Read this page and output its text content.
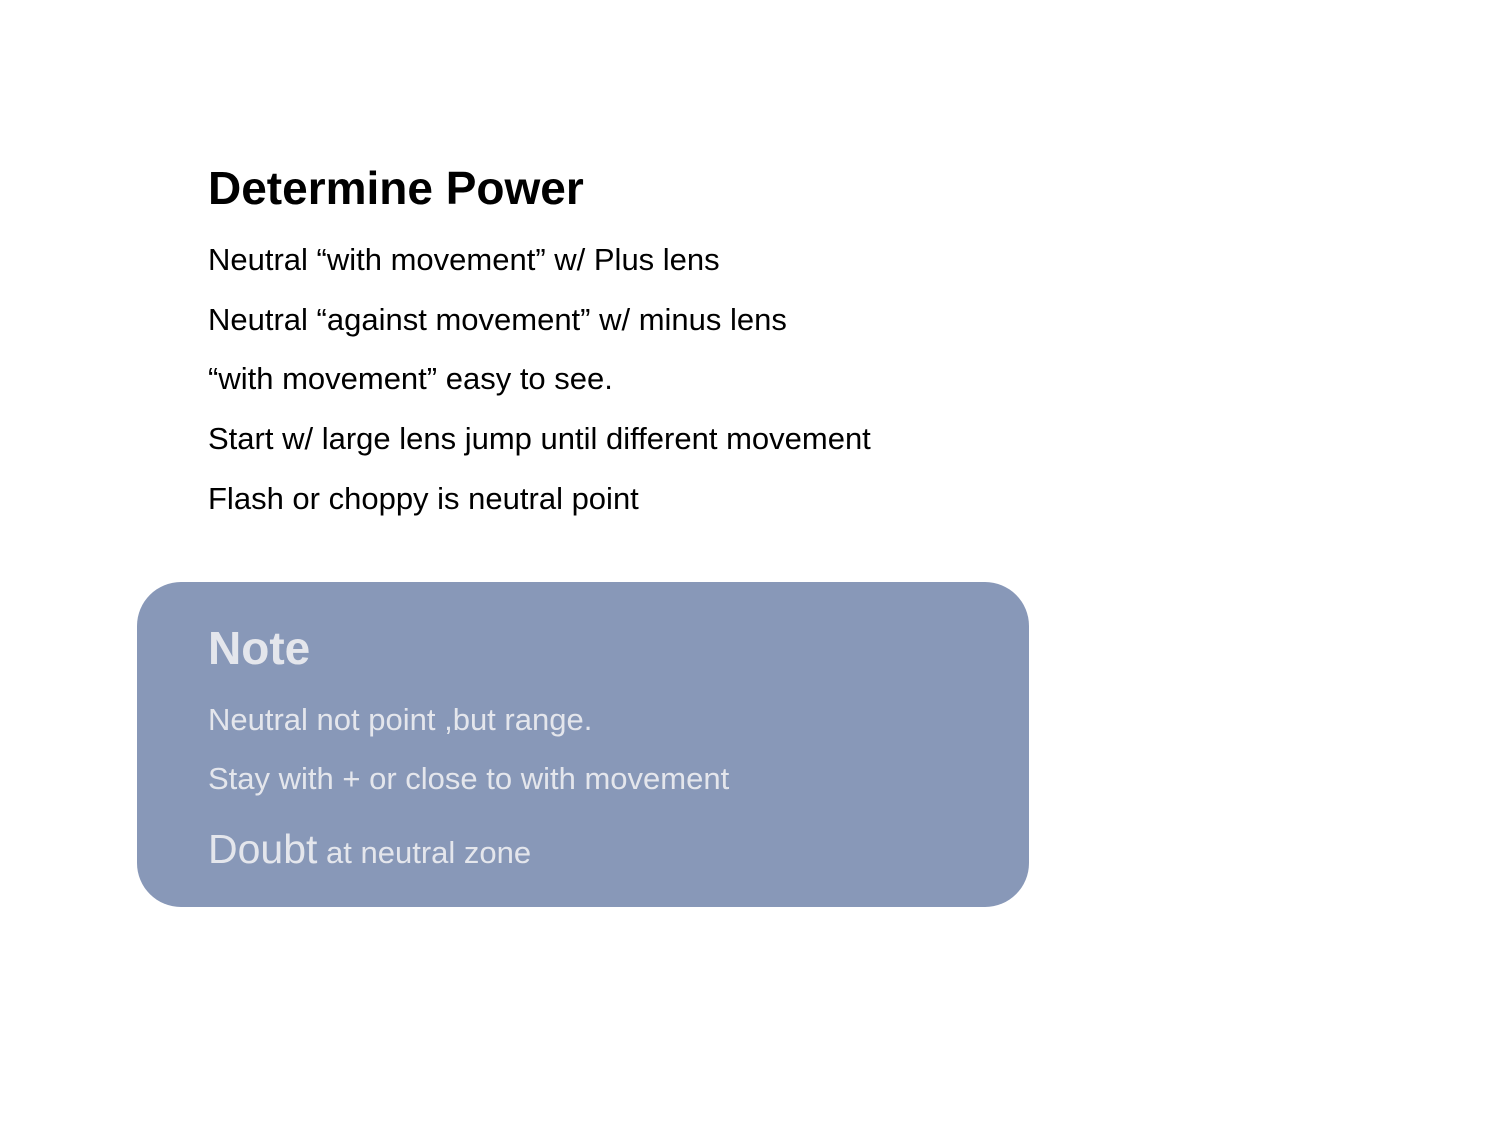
Determine Power

Neutral “with movement” w/ Plus lens

Neutral “against movement” w/ minus lens

“with movement” easy to see.

Start w/ large lens jump until different movement

Flash or choppy is neutral point

Note

Neutral not point ,but range.

Stay with + or close to with movement

Doubt at neutral zone
